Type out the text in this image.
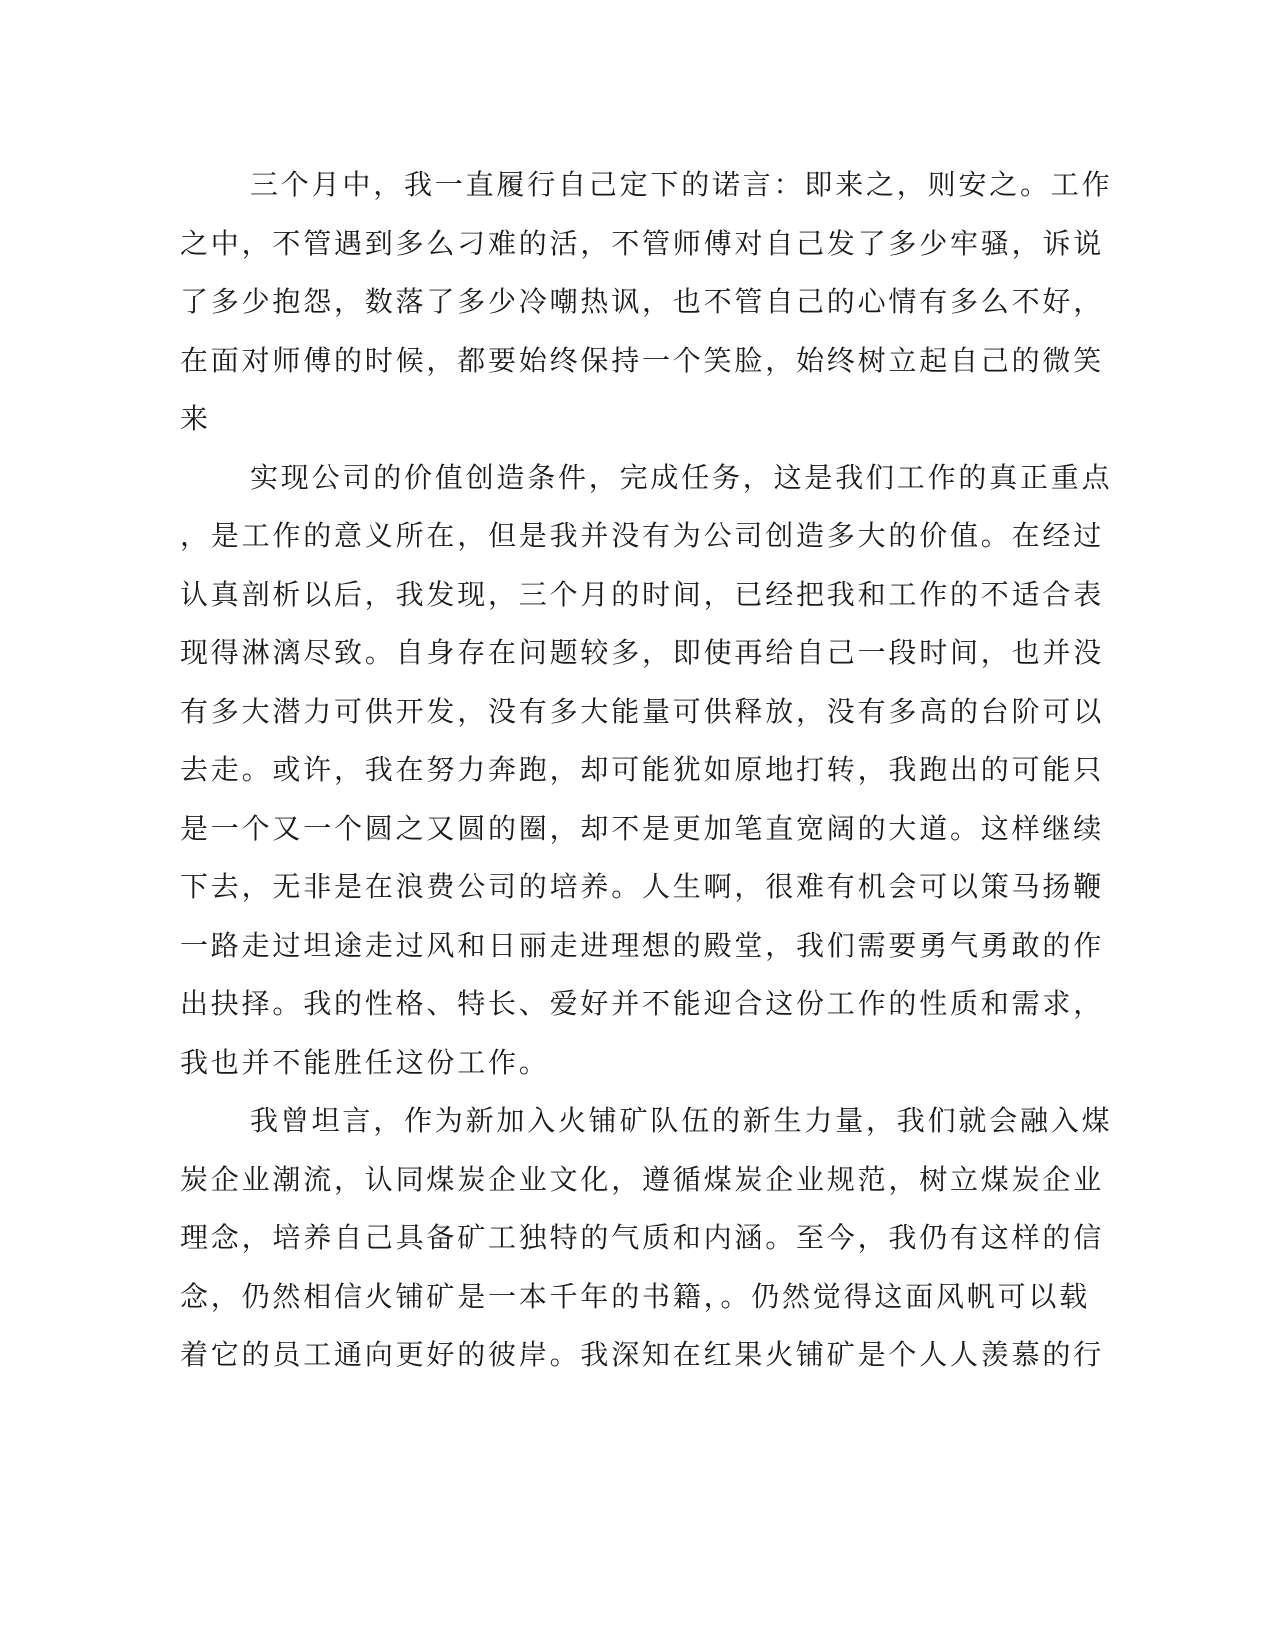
三个月中，我一直履行自己定下的诺言：即来之，则安之。工作
之中，不管遇到多么刁难的活，不管师傅对自己发了多少牢骚，诉说
了多少抱怨，数落了多少冷嘲热讽，也不管自己的心情有多么不好，
在面对师傅的时候，都要始终保持一个笑脸，始终树立起自己的微笑
来
实现公司的价值创造条件，完成任务，这是我们工作的真正重点
，是工作的意义所在，但是我并没有为公司创造多大的价值。在经过
认真剖析以后，我发现，三个月的时间，已经把我和工作的不适合表
现得淋漓尽致。自身存在问题较多，即使再给自己一段时间，也并没
有多大潜力可供开发，没有多大能量可供释放，没有多高的台阶可以
去走。或许，我在努力奔跑，却可能犹如原地打转，我跑出的可能只
是一个又一个圆之又圆的圈，却不是更加笔直宽阔的大道。这样继续
下去，无非是在浪费公司的培养。人生啊，很难有机会可以策马扬鞭
一路走过坦途走过风和日丽走进理想的殿堂，我们需要勇气勇敢的作
出抉择。我的性格、特长、爱好并不能迎合这份工作的性质和需求，
我也并不能胜任这份工作。
我曾坦言，作为新加入火铺矿队伍的新生力量，我们就会融入煤
炭企业潮流，认同煤炭企业文化，遵循煤炭企业规范，树立煤炭企业
理念，培养自己具备矿工独特的气质和内涵。至今，我仍有这样的信
念，仍然相信火铺矿是一本千年的书籍，。仍然觉得这面风帆可以载
着它的员工通向更好的彼岸。我深知在红果火铺矿是个人人羡慕的行
